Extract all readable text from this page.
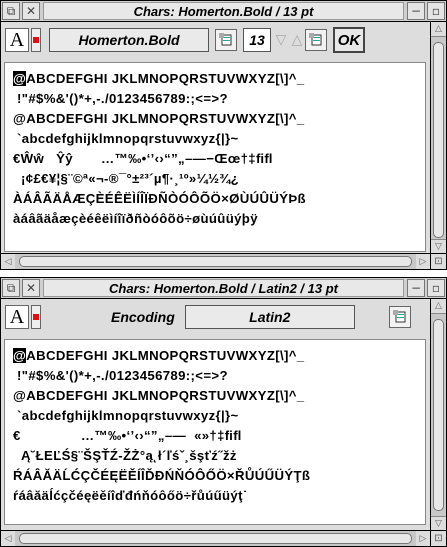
⧉ ✕	Chars: Homerton.Bold / 13 pt	− ▫
A	Homerton.Bold	13 ▽ △	OK
@ABCDEFGHI JKLMNOPQRSTUVWXYZ[\]^_
!"#$%&'()*+,-./0123456789:;<=>?
@ABCDEFGHI JKLMNOPQRSTUVWXYZ[\]^_
`abcdefghijklmnopqrstuvwxyz{|}~
€Ŵŵ   Ŷŷ       …™‰•‘’‹›“”„–—−Œœ†‡ﬁﬂ
¡¢£€¥¦§¨©ª«¬-®¯°±²³´µ¶·¸¹º»¼½¾¿
ÀÁÂÃÄÅÆÇÈÉÊËÌÍÎÏÐÑÒÓÔÕÖ×ØÙÚÛÜÝÞß
àáâãäåæçèéêëìíîïðñòóôõö÷øùúûüýþÿ
△
▽
◁	▷ ⊡
⧉ ✕	Chars: Homerton.Bold / Latin2 / 13 pt	− ▫
A	Encoding	Latin2
@ABCDEFGHI JKLMNOPQRSTUVWXYZ[\]^_
!"#$%&'()*+,-./0123456789:;<=>?
@ABCDEFGHI JKLMNOPQRSTUVWXYZ[\]^_
`abcdefghijklmnopqrstuvwxyz{|}~
€               …™‰•‘’‹›“”„–—  «»†‡ﬁﬂ
Ą˘ŁEĽŚ§¨ŠŞŤŹ-ŽŻ°ą˛ł´ľśˇ¸šşťź˝žż
ŔÁÂĂÄĹĆÇČÉĘËĚÍÎĎĐŃŇÓÔŐÖ×ŘŮÚŰÜÝŢß
ŕáâăäĺćçčéęëěíîďđńňóôőö÷řůúűüýţ˙
△
▽
◁	▷ ⊡
